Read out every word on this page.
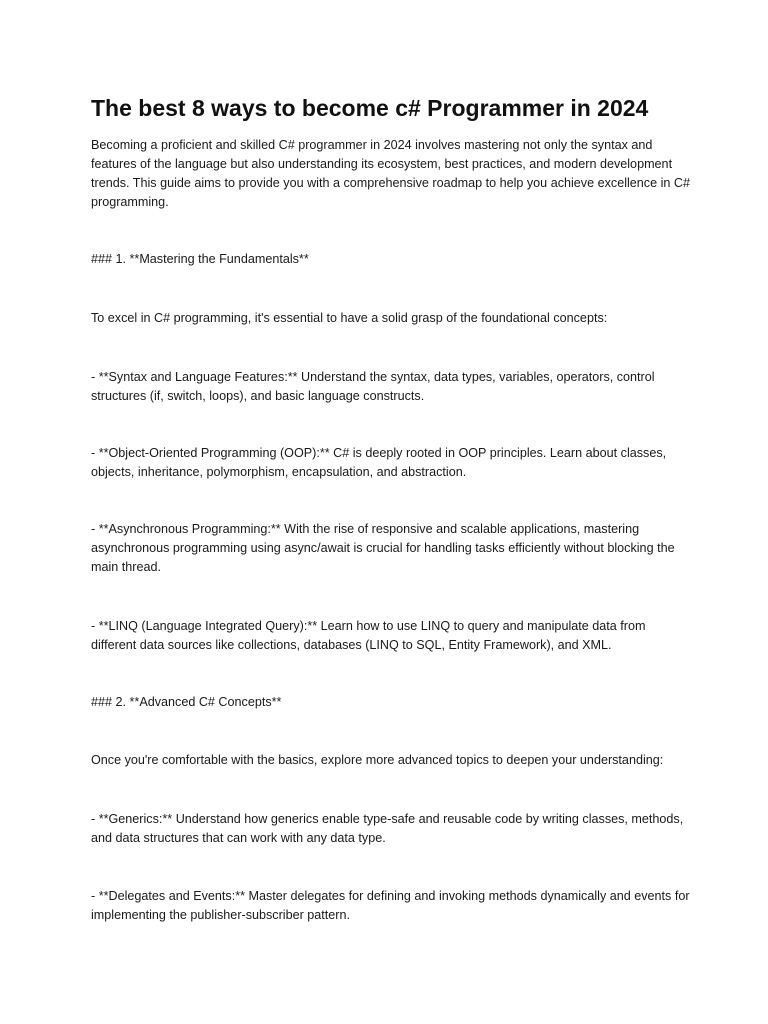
The best 8 ways to become c# Programmer in 2024

Becoming a proficient and skilled C# programmer in 2024 involves mastering not only the syntax and features of the language but also understanding its ecosystem, best practices, and modern development trends. This guide aims to provide you with a comprehensive roadmap to help you achieve excellence in C# programming.

### 1. **Mastering the Fundamentals**

To excel in C# programming, it's essential to have a solid grasp of the foundational concepts:

- **Syntax and Language Features:** Understand the syntax, data types, variables, operators, control structures (if, switch, loops), and basic language constructs.

- **Object-Oriented Programming (OOP):** C# is deeply rooted in OOP principles. Learn about classes, objects, inheritance, polymorphism, encapsulation, and abstraction.

- **Asynchronous Programming:** With the rise of responsive and scalable applications, mastering asynchronous programming using async/await is crucial for handling tasks efficiently without blocking the main thread.

- **LINQ (Language Integrated Query):** Learn how to use LINQ to query and manipulate data from different data sources like collections, databases (LINQ to SQL, Entity Framework), and XML.

### 2. **Advanced C# Concepts**

Once you're comfortable with the basics, explore more advanced topics to deepen your understanding:

- **Generics:** Understand how generics enable type-safe and reusable code by writing classes, methods, and data structures that can work with any data type.

- **Delegates and Events:** Master delegates for defining and invoking methods dynamically and events for implementing the publisher-subscriber pattern.
